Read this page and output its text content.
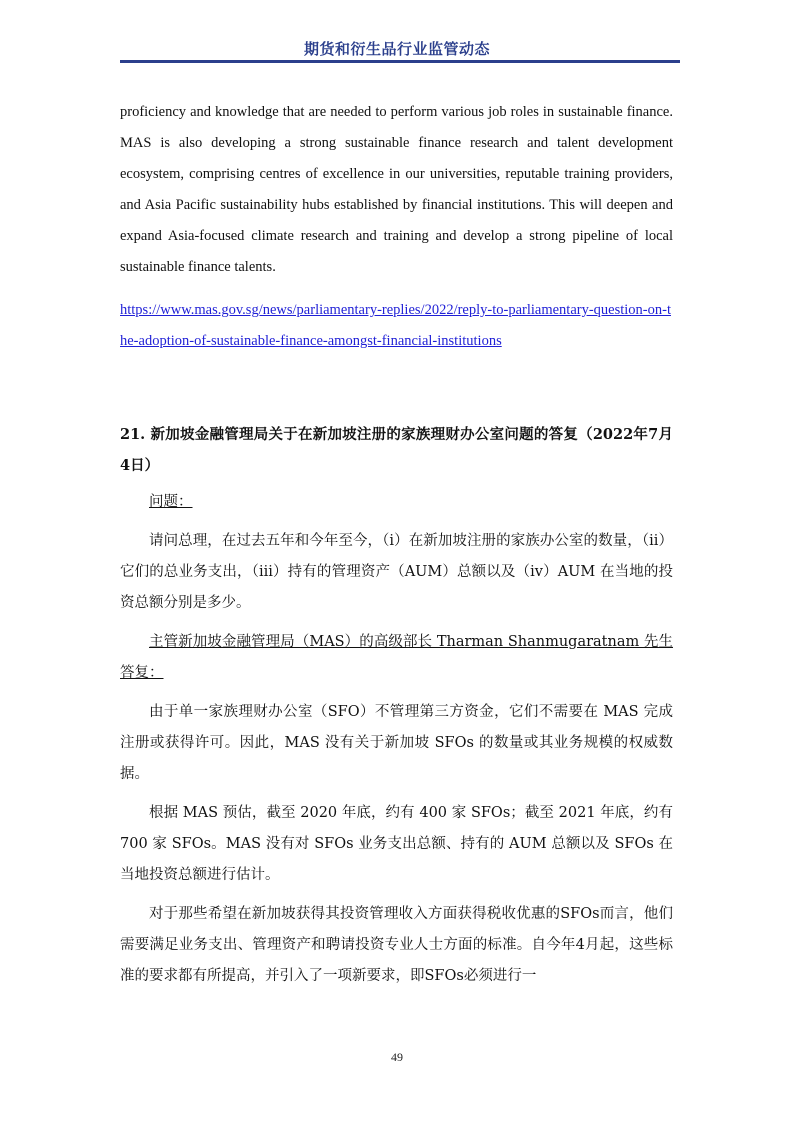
期货和衍生品行业监管动态

proficiency and knowledge that are needed to perform various job roles in sustainable finance. MAS is also developing a strong sustainable finance research and talent development ecosystem, comprising centres of excellence in our universities, reputable training providers, and Asia Pacific sustainability hubs established by financial institutions. This will deepen and expand Asia-focused climate research and training and develop a strong pipeline of local sustainable finance talents.

https://www.mas.gov.sg/news/parliamentary-replies/2022/reply-to-parliamentary-question-on-the-adoption-of-sustainable-finance-amongst-financial-institutions

21. 新加坡金融管理局关于在新加坡注册的家族理财办公室问题的答复（2022年7月4日）

问题：

请问总理，在过去五年和今年至今，（i）在新加坡注册的家族办公室的数量，（ii）它们的总业务支出，（iii）持有的管理资产（AUM）总额以及（iv）AUM 在当地的投资总额分别是多少。

主管新加坡金融管理局（MAS）的高级部长 Tharman Shanmugaratnam 先生答复：

由于单一家族理财办公室（SFO）不管理第三方资金，它们不需要在 MAS 完成注册或获得许可。因此，MAS 没有关于新加坡 SFOs 的数量或其业务规模的权威数据。

根据 MAS 预估，截至 2020 年底，约有 400 家 SFOs；截至 2021 年底，约有 700 家 SFOs。MAS 没有对 SFOs 业务支出总额、持有的 AUM 总额以及 SFOs 在当地投资总额进行估计。

对于那些希望在新加坡获得其投资管理收入方面获得税收优惠的SFOs而言，他们需要满足业务支出、管理资产和聘请投资专业人士方面的标准。自今年4月起，这些标准的要求都有所提高，并引入了一项新要求，即SFOs必须进行一

49
